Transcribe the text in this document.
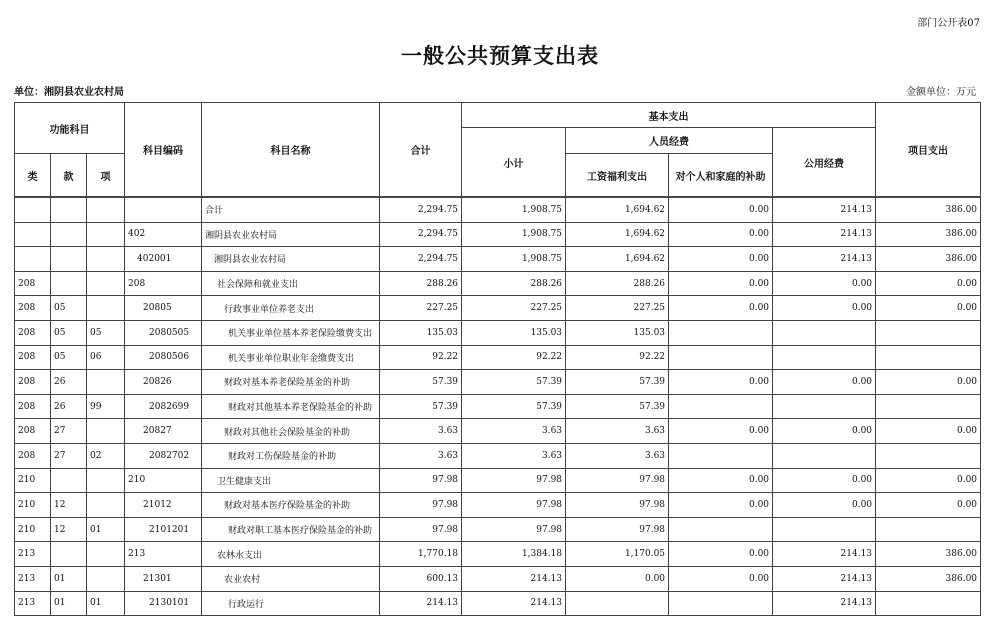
部门公开表07
一般公共预算支出表
单位：湘阴县农业农村局	金额单位：万元
功能科目			科目编码	科目名称	合计	基本支出				项目支出
						小计	人员经费		公用经费	
类	款	项					工资福利支出	对个人和家庭的补助		

				合计	2,294.75	1,908.75	1,694.62	0.00	214.13	386.00
			402	湘阴县农业农村局	2,294.75	1,908.75	1,694.62	0.00	214.13	386.00
			402001	湘阴县农业农村局	2,294.75	1,908.75	1,694.62	0.00	214.13	386.00
208			208	社会保障和就业支出	288.26	288.26	288.26	0.00	0.00	0.00
208	05		20805	行政事业单位养老支出	227.25	227.25	227.25	0.00	0.00	0.00
208	05	05	2080505	机关事业单位基本养老保险缴费支出	135.03	135.03	135.03			
208	05	06	2080506	机关事业单位职业年金缴费支出	92.22	92.22	92.22			
208	26		20826	财政对基本养老保险基金的补助	57.39	57.39	57.39	0.00	0.00	0.00
208	26	99	2082699	财政对其他基本养老保险基金的补助	57.39	57.39	57.39			
208	27		20827	财政对其他社会保险基金的补助	3.63	3.63	3.63	0.00	0.00	0.00
208	27	02	2082702	财政对工伤保险基金的补助	3.63	3.63	3.63			
210			210	卫生健康支出	97.98	97.98	97.98	0.00	0.00	0.00
210	12		21012	财政对基本医疗保险基金的补助	97.98	97.98	97.98	0.00	0.00	0.00
210	12	01	2101201	财政对职工基本医疗保险基金的补助	97.98	97.98	97.98			
213			213	农林水支出	1,770.18	1,384.18	1,170.05	0.00	214.13	386.00
213	01		21301	农业农村	600.13	214.13	0.00	0.00	214.13	386.00
213	01	01	2130101	行政运行	214.13	214.13			214.13	
